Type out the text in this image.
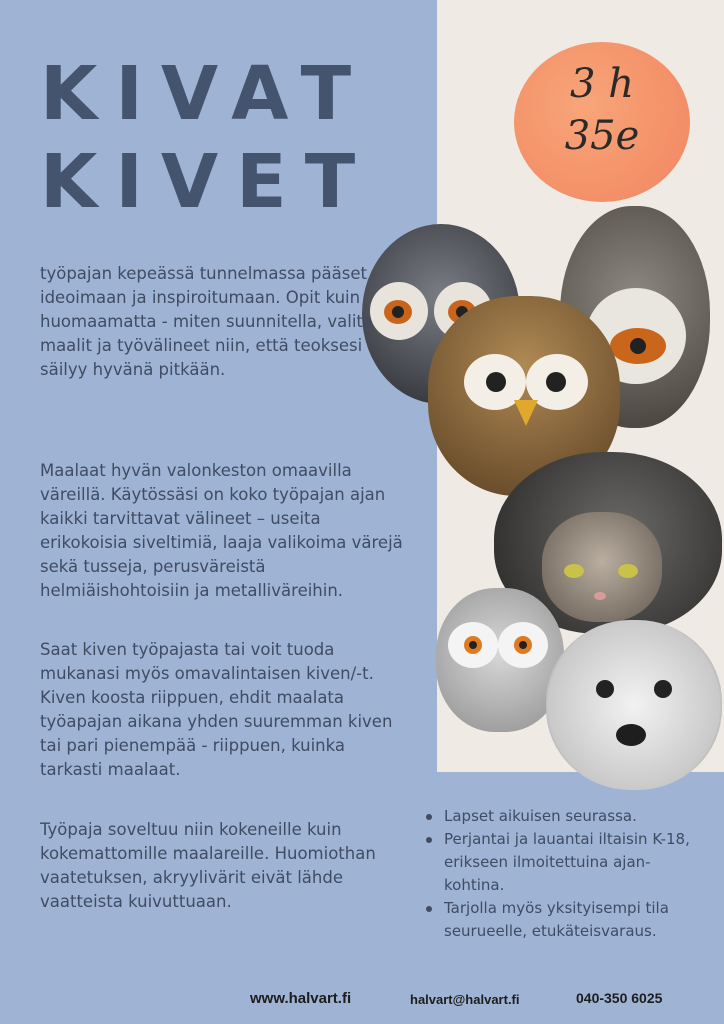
KIVAT
KIVET
3 h
35e

työpajan kepeässä tunnelmassa pääset ideoimaan ja inspiroitumaan. Opit kuin huomaamatta - miten suunnitella, valita maalit ja työvälineet niin, että teoksesi säilyy hyvänä pitkään.

Maalaat hyvän valonkeston omaavilla väreillä. Käytössäsi on koko työpajan ajan kaikki tarvittavat välineet – useita erikokoisia siveltimiä, laaja valikoima värejä sekä tusseja, perusväreistä helmiäishohtoisiin ja metalliväreihin.

Saat kiven työpajasta tai voit tuoda mukanasi myös omavalintaisen kiven/-t. Kiven koosta riippuen, ehdit maalata työapajan aikana yhden suuremman kiven tai pari pienempää - riippuen, kuinka tarkasti maalaat.

Työpaja soveltuu niin kokeneille kuin kokemattomille maalareille. Huomiothan vaatetuksen, akryylivärit eivät lähde vaatteista kuivuttuaan.

Lapset aikuisen seurassa.
Perjantai ja lauantai iltaisin K-18, erikseen ilmoitettuina ajan-kohtina.
Tarjolla myös yksityisempi tila seurueelle, etukäteisvaraus.
www.halvart.fi	halvart@halvart.fi	040-350 6025
